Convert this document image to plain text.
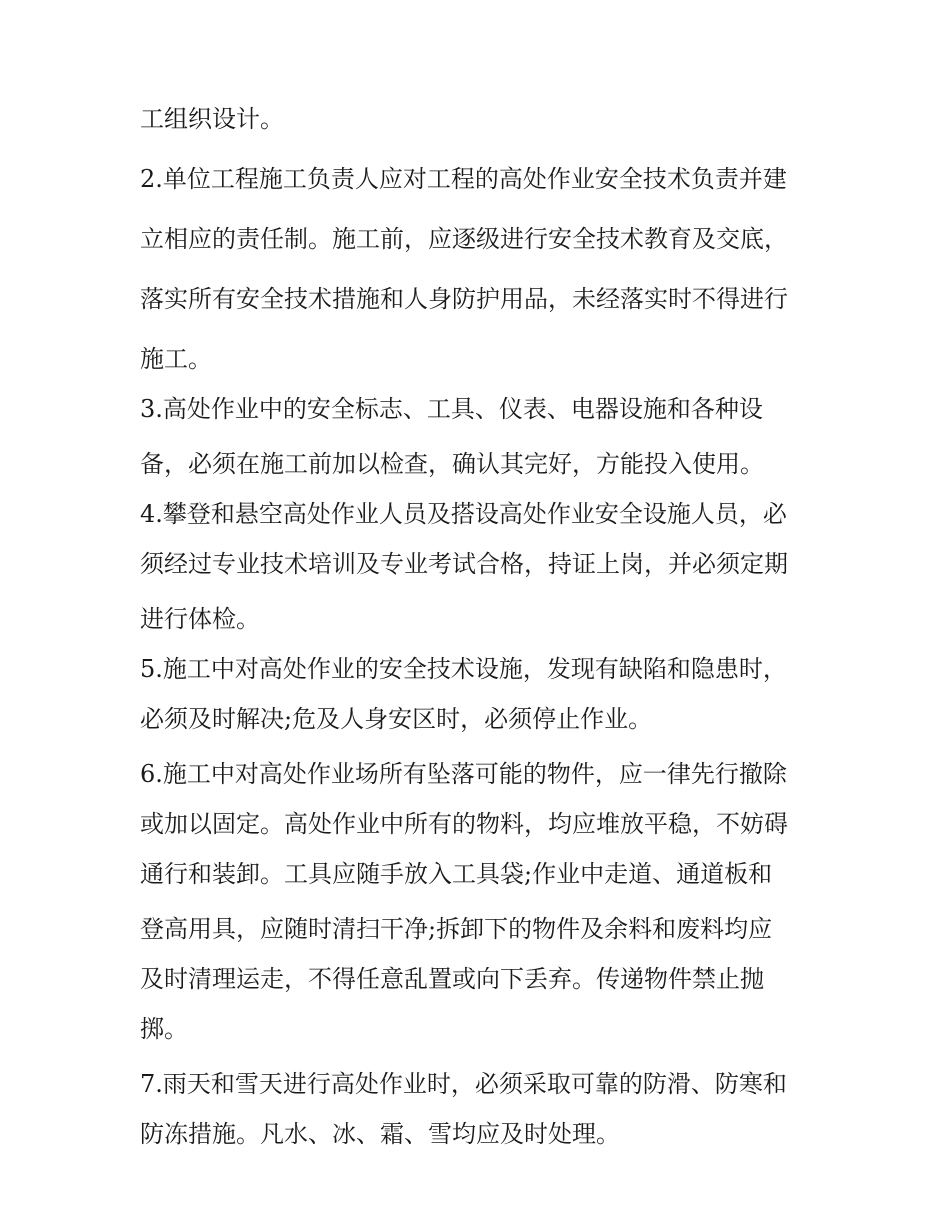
工组织设计。
2.单位工程施工负责人应对工程的高处作业安全技术负责并建
立相应的责任制。施工前，应逐级进行安全技术教育及交底，
落实所有安全技术措施和人身防护用品，未经落实时不得进行
施工。
3.高处作业中的安全标志、工具、仪表、电器设施和各种设
备，必须在施工前加以检查，确认其完好，方能投入使用。
4.攀登和悬空高处作业人员及搭设高处作业安全设施人员，必
须经过专业技术培训及专业考试合格，持证上岗，并必须定期
进行体检。
5.施工中对高处作业的安全技术设施，发现有缺陷和隐患时，
必须及时解决;危及人身安区时，必须停止作业。
6.施工中对高处作业场所有坠落可能的物件，应一律先行撤除
或加以固定。高处作业中所有的物料，均应堆放平稳，不妨碍
通行和装卸。工具应随手放入工具袋;作业中走道、通道板和
登高用具，应随时清扫干净;拆卸下的物件及余料和废料均应
及时清理运走，不得任意乱置或向下丢弃。传递物件禁止抛
掷。
7.雨天和雪天进行高处作业时，必须采取可靠的防滑、防寒和
防冻措施。凡水、冰、霜、雪均应及时处理。
